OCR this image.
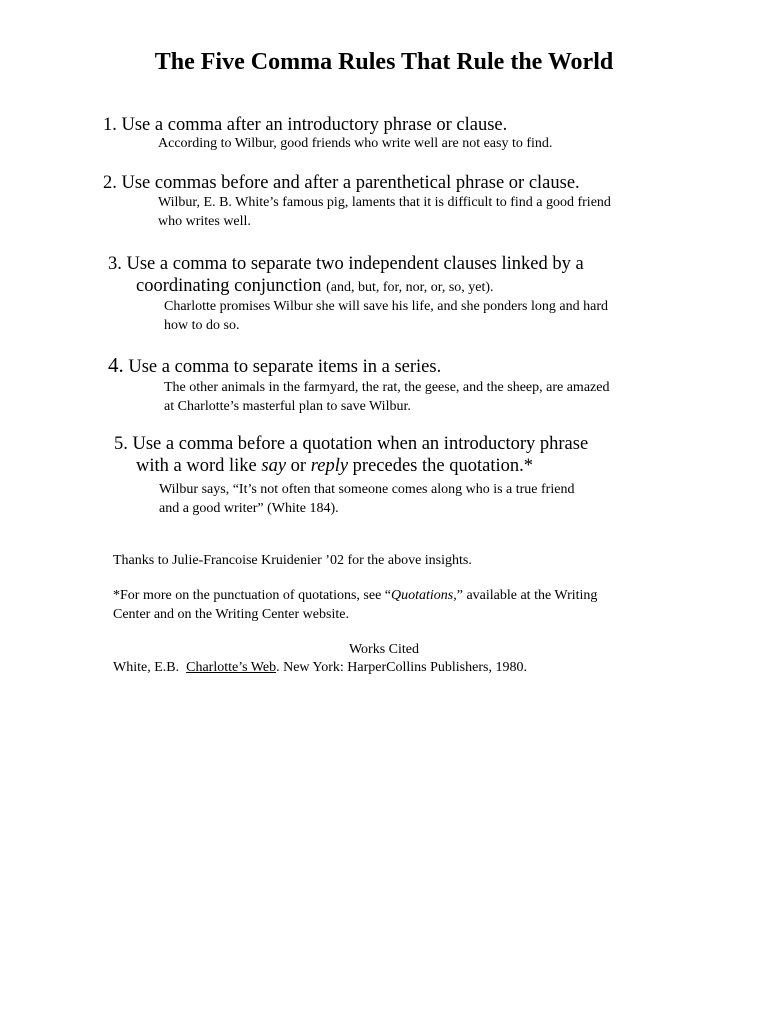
The Five Comma Rules That Rule the World
1. Use a comma after an introductory phrase or clause.
According to Wilbur, good friends who write well are not easy to find.
2. Use commas before and after a parenthetical phrase or clause.
Wilbur, E. B. White’s famous pig, laments that it is difficult to find a good friend
who writes well.
3. Use a comma to separate two independent clauses linked by a
coordinating conjunction (and, but, for, nor, or, so, yet).
Charlotte promises Wilbur she will save his life, and she ponders long and hard
how to do so.
4. Use a comma to separate items in a series.
The other animals in the farmyard, the rat, the geese, and the sheep, are amazed
at Charlotte’s masterful plan to save Wilbur.
5. Use a comma before a quotation when an introductory phrase
with a word like say or reply precedes the quotation.*
Wilbur says, “It’s not often that someone comes along who is a true friend
and a good writer” (White 184).
Thanks to Julie-Francoise Kruidenier ’02 for the above insights.
*For more on the punctuation of quotations, see “Quotations,” available at the Writing
Center and on the Writing Center website.
Works Cited
White, E.B. Charlotte’s Web. New York: HarperCollins Publishers, 1980.
